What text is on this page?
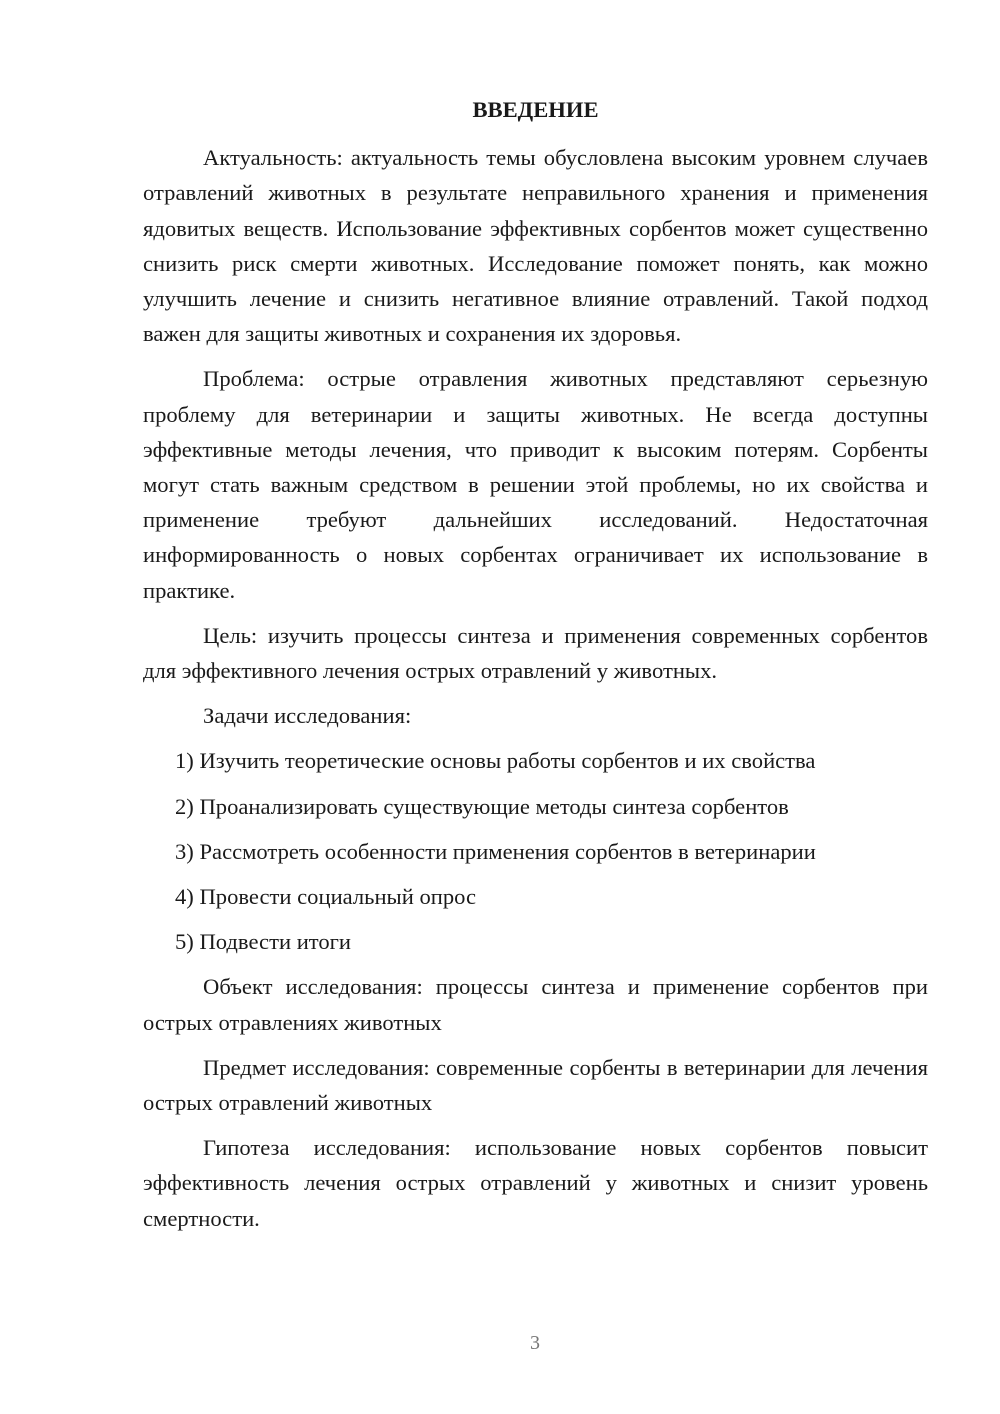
ВВЕДЕНИЕ

Актуальность: актуальность темы обусловлена высоким уровнем случаев отравлений животных в результате неправильного хранения и применения ядовитых веществ. Использование эффективных сорбентов может существенно снизить риск смерти животных. Исследование поможет понять, как можно улучшить лечение и снизить негативное влияние отравлений. Такой подход важен для защиты животных и сохранения их здоровья.

Проблема: острые отравления животных представляют серьезную проблему для ветеринарии и защиты животных. Не всегда доступны эффективные методы лечения, что приводит к высоким потерям. Сорбенты могут стать важным средством в решении этой проблемы, но их свойства и применение требуют дальнейших исследований. Недостаточная информированность о новых сорбентах ограничивает их использование в практике.

Цель: изучить процессы синтеза и применения современных сорбентов для эффективного лечения острых отравлений у животных.

Задачи исследования:

1) Изучить теоретические основы работы сорбентов и их свойства
2) Проанализировать существующие методы синтеза сорбентов
3) Рассмотреть особенности применения сорбентов в ветеринарии
4) Провести социальный опрос
5) Подвести итоги

Объект исследования: процессы синтеза и применение сорбентов при острых отравлениях животных

Предмет исследования: современные сорбенты в ветеринарии для лечения острых отравлений животных

Гипотеза исследования: использование новых сорбентов повысит эффективность лечения острых отравлений у животных и снизит уровень смертности.

3
